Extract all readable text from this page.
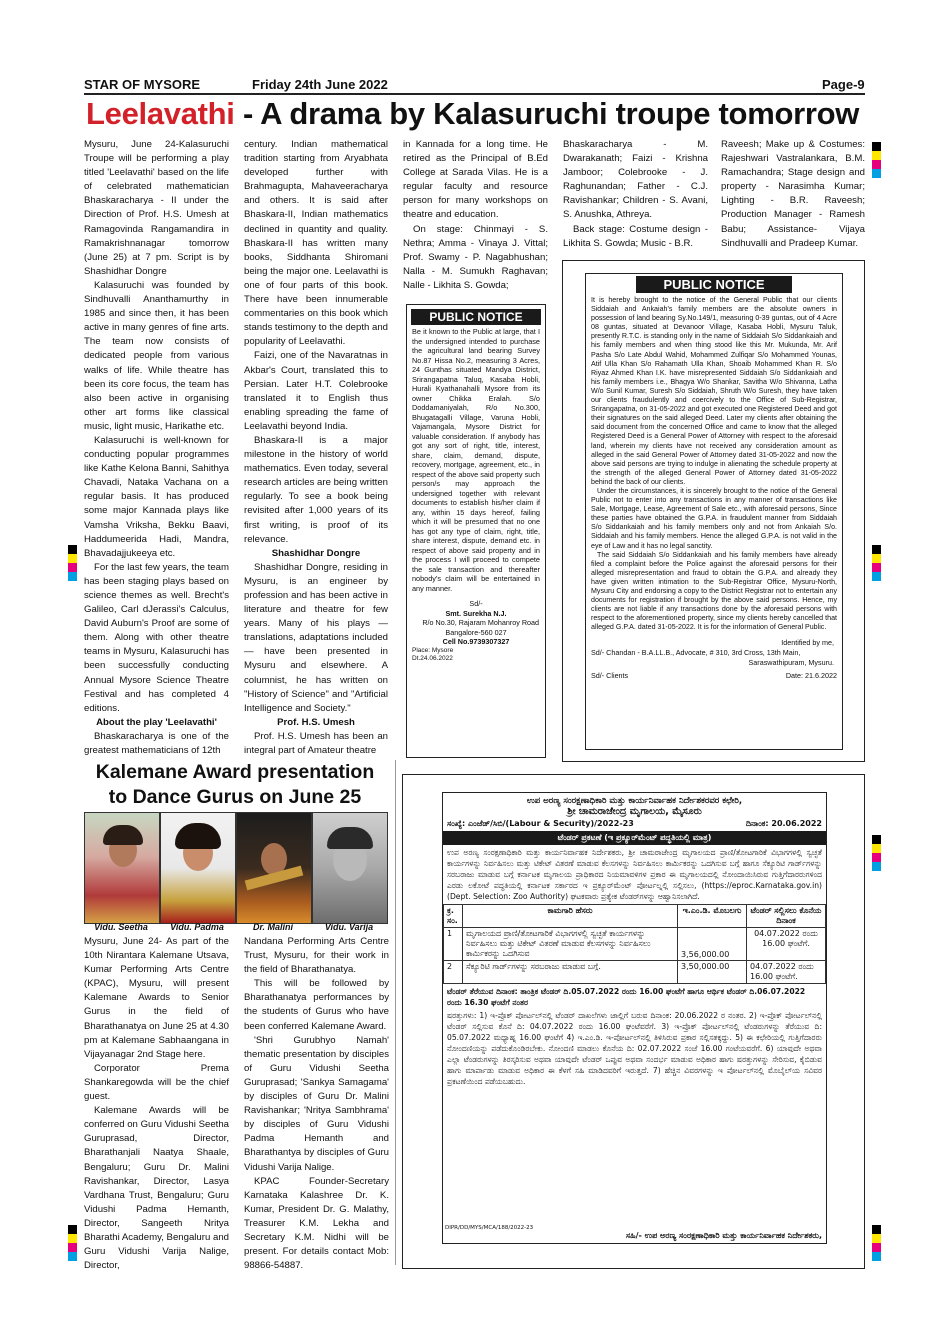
STAR OF MYSORE	Friday 24th June 2022	Page-9
Leelavathi - A drama by Kalasuruchi troupe tomorrow

Mysuru, June 24-Kalasuruchi Troupe will be performing a play titled 'Leelavathi' based on the life of celebrated mathematician Bhaskaracharya - II under the Direction of Prof. H.S. Umesh at Ramagovinda Rangamandira in Ramakrishnanagar tomorrow (June 25) at 7 pm. Script is by Shashidhar Dongre

Kalasuruchi was founded by Sindhuvalli Ananthamurthy in 1985 and since then, it has been active in many genres of fine arts. The team now consists of dedicated people from various walks of life. While theatre has been its core focus, the team has also been active in organising other art forms like classical music, light music, Harikathe etc.

Kalasuruchi is well-known for conducting popular programmes like Kathe Kelona Banni, Sahithya Chavadi, Nataka Vachana on a regular basis. It has produced some major Kannada plays like Vamsha Vriksha, Bekku Baavi, Haddumeerida Hadi, Mandra, Bhavadajjukeeya etc.

For the last few years, the team has been staging plays based on science themes as well. Brecht's Galileo, Carl dJerassi's Calculus, David Auburn's Proof are some of them. Along with other theatre teams in Mysuru, Kalasuruchi has been successfully conducting Annual Mysore Science Theatre Festival and has completed 4 editions.

About the play 'Leelavathi'

Bhaskaracharya is one of the greatest mathematicians of 12th

century. Indian mathematical tradition starting from Aryabhata developed further with Brahmagupta, Mahaveeracharya and others. It is said after Bhaskara-II, Indian mathematics declined in quantity and quality. Bhaskara-II has written many books, Siddhanta Shiromani being the major one. Leelavathi is one of four parts of this book. There have been innumerable commentaries on this book which stands testimony to the depth and popularity of Leelavathi.

Faizi, one of the Navaratnas in Akbar's Court, translated this to Persian. Later H.T. Colebrooke translated it to English thus enabling spreading the fame of Leelavathi beyond India.

Bhaskara-II is a major milestone in the history of world mathematics. Even today, several research articles are being written regularly. To see a book being revisited after 1,000 years of its first writing, is proof of its relevance.

Shashidhar Dongre

Shashidhar Dongre, residing in Mysuru, is an engineer by profession and has been active in literature and theatre for few years. Many of his plays — translations, adaptations included — have been presented in Mysuru and elsewhere. A columnist, he has written on "History of Science" and "Artificial Intelligence and Society."

Prof. H.S. Umesh

Prof. H.S. Umesh has been an integral part of Amateur theatre

in Kannada for a long time. He retired as the Principal of B.Ed College at Sarada Vilas. He is a regular faculty and resource person for many workshops on theatre and education.

On stage: Chinmayi - S. Nethra; Amma - Vinaya J. Vittal; Prof. Swamy - P. Nagabhushan; Nalla - M. Sumukh Raghavan; Nalle - Likhita S. Gowda;

Bhaskaracharya - M. Dwarakanath; Faizi - Krishna Jamboor; Colebrooke - J. Raghunandan; Father - C.J. Ravishankar; Children - S. Avani, S. Anushka, Athreya.

Back stage: Costume design - Likhita S. Gowda; Music - B.R.

Raveesh; Make up & Costumes: Rajeshwari Vastralankara, B.M. Ramachandra; Stage design and property - Narasimha Kumar; Lighting - B.R. Raveesh; Production Manager - Ramesh Babu; Assistance- Vijaya Sindhuvalli and Pradeep Kumar.

PUBLIC NOTICE
Be it known to the Public at large, that I the undersigned intended to purchase the agricultural land bearing Survey No.87 Hissa No.2, measuring 3 Acres, 24 Gunthas situated Mandya District, Srirangapatna Taluq, Kasaba Hobli, Hurali Kyathanahalli Mysore from its owner Chikka Eralah. S/o Doddamaniyalah, R/o No.300, Bhugatagalli Village, Varuna Hobli, Vajamangala, Mysore District for valuable consideration. If anybody has got any sort of right, title, interest, share, claim, demand, dispute, recovery, mortgage, agreement, etc., in respect of the above said property such person/s may approach the undersigned together with relevant documents to establish his/her claim if any, within 15 days hereof, failing which it will be presumed that no one has got any type of claim, right, title, share interest, dispute, demand etc. in respect of above said property and in the process I will proceed to compete the sale transaction and thereafter nobody's claim will be entertained in any manner.
Sd/-
Smt. Surekha N.J.
R/o No.30, Rajaram Mohanroy Road
Bangalore-560 027
Cell No.9739307327
Place: Mysore
Dt.24.06.2022
PUBLIC NOTICE
It is hereby brought to the notice of the General Public that our clients Siddaiah and Ankaiah's family members are the absolute owners in possession of land bearing Sy.No.149/1, measuring 0-39 guntas, out of 4 Acre 08 guntas, situated at Devanoor Village, Kasaba Hobli, Mysuru Taluk, presently R.T.C. is standing only in the name of Siddaiah S/o Siddankaiah and his family members and when thing stood like this Mr. Mukunda, Mr. Arif Pasha S/o Late Abdul Wahid, Mohammed Zulfiqar S/o Mohammed Younas, Atif Ulla Khan S/o Rahamath Ulla Khan, Shoaib Mohammed Khan R. S/o Riyaz Ahmed Khan I.K. have misrepresented Siddaiah S/o Siddankaiah and his family members i.e., Bhagya W/o Shankar, Savitha W/o Shivanna, Latha W/o Sunil Kumar, Suresh S/o Siddaiah, Shruth W/o Suresh, they have taken our clients fraudulently and coercively to the Office of Sub-Registrar, Srirangapatna, on 31-05-2022 and got executed one Registered Deed and got their signatures on the said alleged Deed. Later my clients after obtaining the said document from the concerned Office and came to know that the alleged Registered Deed is a General Power of Attorney with respect to the aforesaid land, wherein my clients have not received any consideration amount as alleged in the said General Power of Attorney dated 31-05-2022 and now the above said persons are trying to indulge in alienating the schedule property at the strength of the alleged General Power of Attorney dated 31-05-2022 behind the back of our clients.
Under the circumstances, it is sincerely brought to the notice of the General Public not to enter into any transactions in any manner of transactions like Sale, Mortgage, Lease, Agreement of Sale etc., with aforesaid persons, Since these parties have obtained the G.P.A. in fraudulent manner from Siddaiah S/o Siddankaiah and his family members only and not from Ankaiah S/o. Siddaiah and his family members. Hence the alleged G.P.A. is not valid in the eye of Law and it has no legal sanctity.
The said Siddaiah S/o Siddankaiah and his family members have already filed a complaint before the Police against the aforesaid persons for their alleged misrepresentation and fraud to obtain the G.P.A. and already they have given written intimation to the Sub-Registrar Office, Mysuru-North, Mysuru City and endorsing a copy to the District Registrar not to entertain any documents for registration if brought by the above said persons. Hence, my clients are not liable if any transactions done by the aforesaid persons with respect to the aforementioned property, since my clients hereby cancelled that alleged G.P.A. dated 31-05-2022. It is for the information of General Public.
Identified by me,
Sd/- Chandan - B.A.LL.B., Advocate, # 310, 3rd Cross, 13th Main,
Saraswathipuram, Mysuru.
Sd/- Clients	Date: 21.6.2022
Kalemane Award presentation
to Dance Gurus on June 25
Vidu. Seetha	Vidu. Padma	Dr. Malini	Vidu. Varija

Mysuru, June 24- As part of the 10th Nirantara Kalemane Utsava, Kumar Performing Arts Centre (KPAC), Mysuru, will present Kalemane Awards to Senior Gurus in the field of Bharathanatya on June 25 at 4.30 pm at Kalemane Sabhaangana in Vijayanagar 2nd Stage here.

Corporator Prema Shankaregowda will be the chief guest.

Kalemane Awards will be conferred on Guru Vidushi Seetha Guruprasad, Director, Bharathanjali Naatya Shaale, Bengaluru; Guru Dr. Malini Ravishankar, Director, Lasya Vardhana Trust, Bengaluru; Guru Vidushi Padma Hemanth, Director, Sangeeth Nritya Bharathi Academy, Bengaluru and Guru Vidushi Varija Nalige, Director,

Nandana Performing Arts Centre Trust, Mysuru, for their work in the field of Bharathanatya.

This will be followed by Bharathanatya performances by the students of Gurus who have been conferred Kalemane Award.

'Shri Gurubhyo Namah' thematic presentation by disciples of Guru Vidushi Seetha Guruprasad; 'Sankya Samagama' by disciples of Guru Dr. Malini Ravishankar; 'Nritya Sambhrama' by disciples of Guru Vidushi Padma Hemanth and Bharathantya by disciples of Guru Vidushi Varija Nalige.

KPAC Founder-Secretary Karnataka Kalashree Dr. K. Kumar, President Dr. G. Malathy, Treasurer K.M. Lekha and Secretary K.M. Nidhi will be present. For details contact Mob: 98866-54887.

ಉಪ ಅರಣ್ಯ ಸಂರಕ್ಷಣಾಧಿಕಾರಿ ಮತ್ತು ಕಾರ್ಯನಿರ್ವಾಹಕ ನಿರ್ದೇಶಕರವರ ಕಛೇರಿ,
ಶ್ರೀ ಚಾಮರಾಜೇಂದ್ರ ಮೃಗಾಲಯ, ಮೈಸೂರು
ಸಂಖ್ಯೆ: ಎಂಜೆಡ್/ಸಿಬಿ/(Labour & Security)/2022-23	ದಿನಾಂಕ: 20.06.2022
ಟೆಂಡರ್ ಪ್ರಕಟಣೆ (ಇ ಪ್ರಕ್ಯೂರ್‌ಮೆಂಟ್ ಪದ್ಧತಿಯಲ್ಲಿ ಮಾತ್ರ)
ಉಪ ಅರಣ್ಯ ಸಂರಕ್ಷಣಾಧಿಕಾರಿ ಮತ್ತು ಕಾರ್ಯನಿರ್ವಾಹಕ ನಿರ್ದೇಶಕರು, ಶ್ರೀ ಚಾಮರಾಜೇಂದ್ರ ಮೃಗಾಲಯದ ಪ್ರಾಣಿ/ತೋಟಗಾರಿಕೆ ವಿಭಾಗಗಳಲ್ಲಿ ಸ್ವಚ್ಛತೆ ಕಾರ್ಯಗಳನ್ನು ನಿರ್ವಹಿಸಲು ಮತ್ತು ಟಿಕೇಟ್ ವಿತರಣೆ ಮಾಡುವ ಕೆಲಸಗಳನ್ನು ನಿರ್ವಹಿಸಲು ಕಾರ್ಮಿಕರನ್ನು ಒದಗಿಸುವ ಬಗ್ಗೆ ಹಾಗೂ ಸೆಕ್ಯೂರಿಟಿ ಗಾರ್ಡ್‌ಗಳನ್ನು ಸರಬರಾಜು ಮಾಡುವ ಬಗ್ಗೆ ಕರ್ನಾಟಕ ಮೃಗಾಲಯ ಪ್ರಾಧಿಕಾರದ ನಿಯಮಾವಳಿಗಳ ಪ್ರಕಾರ ಈ ಮೃಗಾಲಯದಲ್ಲಿ ನೋಂದಾಯಿಸಿರುವ ಗುತ್ತಿಗೆದಾರರುಗಳಿಂದ ಎರಡು ಲಕೋಟೆ ಪದ್ಧತಿಯಲ್ಲಿ ಕರ್ನಾಟಕ ಸರ್ಕಾರದ ಇ ಪ್ರಕ್ಯೂರ್‌ಮೆಂಟ್ ಪೋರ್ಟಲ್ನಲ್ಲಿ ಸಲ್ಲಿಸಲು, (https://eproc.Karnataka.gov.in) (Dept. Selection: Zoo Authority) ಘಟಕವಾರು ಪ್ರತ್ಯೇಕ ಟೆಂಡರ್‌ಗಳನ್ನು ಆಹ್ವಾನಿಸಲಾಗಿದೆ.
ಕ್ರ. ಸಂ.	ಕಾಮಗಾರಿ ಹೆಸರು	ಇ.ಎಂ.ಡಿ. ಮೊಬಲಗು	ಟೆಂಡರ್ ಸಲ್ಲಿಸಲು ಕೊನೆಯ ದಿನಾಂಕ
1	ಮೃಗಾಲಯದ ಪ್ರಾಣಿ/ತೋಟಗಾರಿಕೆ ವಿಭಾಗಗಳಲ್ಲಿ ಸ್ವಚ್ಛತೆ ಕಾರ್ಯಗಳನ್ನು ನಿರ್ವಹಿಸಲು ಮತ್ತು ಟಿಕೇಟ್ ವಿತರಣೆ ಮಾಡುವ ಕೆಲಸಗಳನ್ನು ನಿರ್ವಹಿಸಲು ಕಾರ್ಮಿಕರನ್ನು ಒದಗಿಸುವ	3,56,000.00	04.07.2022 ರಂದು 16.00 ಘಂಟೆಗೆ.
2	ಸೆಕ್ಯೂರಿಟಿ ಗಾರ್ಡ್‌ಗಳನ್ನು ಸರಬರಾಜು ಮಾಡುವ ಬಗ್ಗೆ.	3,50,000.00	04.07.2022 ರಂದು 16.00 ಘಂಟೆಗೆ.
ಟೆಂಡರ್ ತೆರೆಯುವ ದಿನಾಂಕ: ತಾಂತ್ರಿಕ ಟೆಂಡರ್ ದಿ.05.07.2022 ರಂದು 16.00 ಘಂಟೆಗೆ ಹಾಗೂ ಆರ್ಥಿಕ ಟೆಂಡರ್ ದಿ.06.07.2022 ರಂದು 16.30 ಘಂಟೆಗೆ ನಂತರ
ಷರತ್ತುಗಳು: 1) ಇ-ಪ್ರೊಕ್ ಪೋರ್ಟಲ್‌ನಲ್ಲಿ ಟೆಂಡರ್ ದಾಖಲೆಗಳು ಜಾಲ್ಲಿಗೆ ಬರುವ ದಿನಾಂಕ: 20.06.2022 ರ ನಂತರ. 2) ಇ-ಪ್ರೊಕ್ ಪೋರ್ಟಲ್‌ನಲ್ಲಿ ಟೆಂಡರ್ ಸಲ್ಲಿಸುವ ಕೊನೆ ದಿ: 04.07.2022 ರಂದು 16.00 ಘಂಟೆವರೆಗೆ. 3) ಇ-ಪ್ರೊಕ್ ಪೋರ್ಟಲ್‌ನಲ್ಲಿ ಟೆಂಡರುಗಳನ್ನು ತೆರೆಯುವ ದಿ: 05.07.2022 ಮಧ್ಯಾಹ್ನ 16.00 ಘಂಟೆಗೆ 4) ಇ.ಎಂ.ಡಿ. ಇ-ಪೋರ್ಟಲ್‌ನಲ್ಲಿ ತಿಳಿಸಿರುವ ಪ್ರಕಾರ ಸಲ್ಲಿಸತಕ್ಕದ್ದು. 5) ಈ ಕಛೇರಿಯಲ್ಲಿ ಗುತ್ತಿಗೆದಾರರು ನೋಂದಣಿಯನ್ನು ಪಡೆದುಕೊಂಡಿರಬೇಕು. ನೋಂದಣಿ ಮಾಡಲು ಕೊನೆಯ ದಿ: 02.07.2022 ಸಂಜೆ 16.00 ಗಂಟೆಯವರೆಗೆ. 6) ಯಾವುದೇ ಅಥವಾ ಎಲ್ಲಾ ಟೆಂಡರುಗಳನ್ನು ತಿರಸ್ಕರಿಸುವ ಅಥವಾ ಯಾವುದೇ ಟೆಂಡರ್ ಒಪ್ಪುವ ಅಥವಾ ಸಂದರ್ಭ ಮಾಡುವ ಅಧಿಕಾರ ಹಾಗು ಷರತ್ತುಗಳನ್ನು ಸೇರಿಸುವ, ಕೈಬಿಡುವ ಹಾಗು ಮಾರ್ಪಾಡು ಮಾಡುವ ಅಧಿಕಾರ ಈ ಕೆಳಗೆ ಸಹಿ ಮಾಡಿದವರಿಗೆ ಇರುತ್ತದೆ. 7) ಹೆಚ್ಚಿನ ವಿವರಗಳನ್ನು ಇ ಪೋರ್ಟಲ್‌ನಲ್ಲಿ ಮೊಬೈಲ್‌ಯ ಸವಿವರ ಪ್ರಕಟಣೆಯಿಂದ ಪಡೆಯಬಹುದು.
DIPR/DD/MYS/MCA/188/2022-23
ಸಹಿ/- ಉಪ ಅರಣ್ಯ ಸಂರಕ್ಷಣಾಧಿಕಾರಿ ಮತ್ತು ಕಾರ್ಯನಿರ್ವಾಹಕ ನಿರ್ದೇಶಕರು,
